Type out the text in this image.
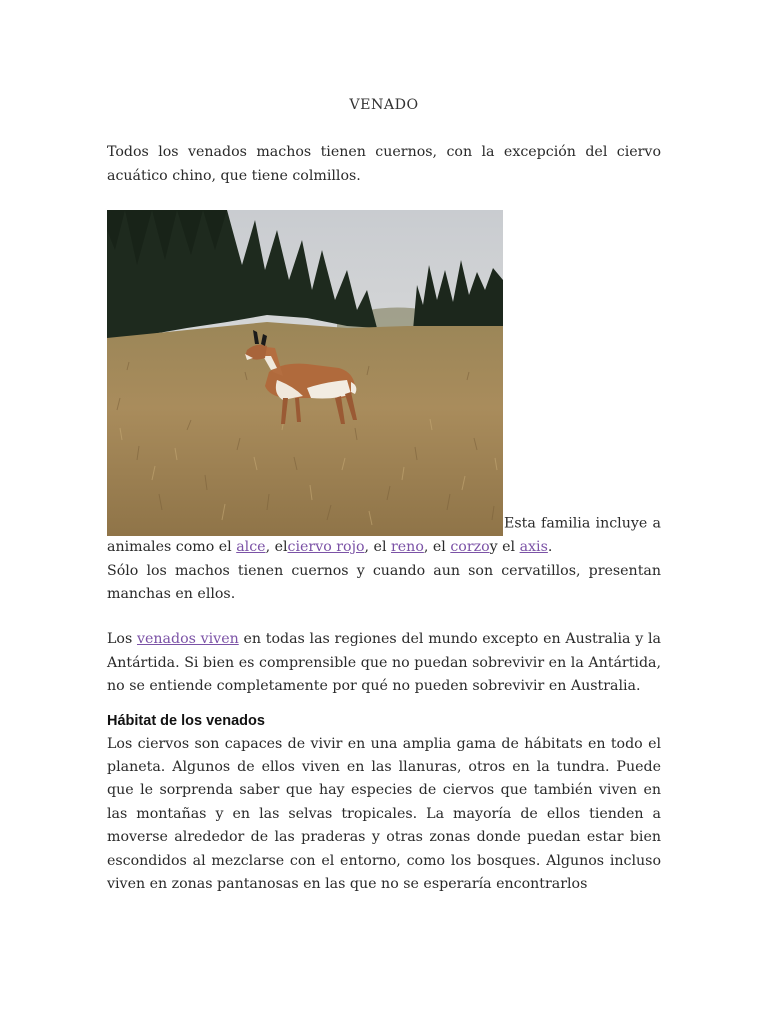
VENADO

Todos los venados machos tienen cuernos, con la excepción del ciervo acuático chino, que tiene colmillos.

Esta familia incluye a animales como el alce, elciervo rojo, el reno, el corzoy el axis.

Sólo los machos tienen cuernos y cuando aun son cervatillos, presentan manchas en ellos.

Los venados viven en todas las regiones del mundo excepto en Australia y la Antártida. Si bien es comprensible que no puedan sobrevivir en la Antártida, no se entiende completamente por qué no pueden sobrevivir en Australia.

Hábitat de los venados

Los ciervos son capaces de vivir en una amplia gama de hábitats en todo el planeta. Algunos de ellos viven en las llanuras, otros en la tundra. Puede que le sorprenda saber que hay especies de ciervos que también viven en las montañas y en las selvas tropicales. La mayoría de ellos tienden a moverse alrededor de las praderas y otras zonas donde puedan estar bien escondidos al mezclarse con el entorno, como los bosques. Algunos incluso viven en zonas pantanosas en las que no se esperaría encontrarlos
